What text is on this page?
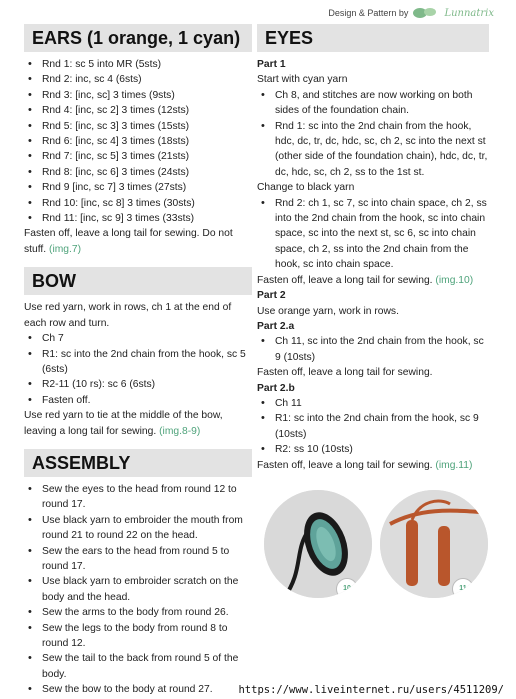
Design & Pattern by	Lunnatrix
EARS (1 orange, 1 cyan)
• Rnd 1: sc 5 into MR (5sts)
• Rnd 2: inc, sc 4 (6sts)
• Rnd 3: [inc, sc] 3 times (9sts)
• Rnd 4: [inc, sc 2] 3 times (12sts)
• Rnd 5: [inc, sc 3] 3 times (15sts)
• Rnd 6: [inc, sc 4] 3 times (18sts)
• Rnd 7: [inc, sc 5] 3 times (21sts)
• Rnd 8: [inc, sc 6] 3 times (24sts)
• Rnd 9 [inc, sc 7] 3 times (27sts)
• Rnd 10: [inc, sc 8] 3 times (30sts)
• Rnd 11: [inc, sc 9] 3 times (33sts)

Fasten off, leave a long tail for sewing. Do not stuff. (img.7)

BOW

Use red yarn, work in rows, ch 1 at the end of each row and turn.

• Ch 7
• R1: sc into the 2nd chain from the hook, sc 5 (6sts)
• R2-11 (10 rs): sc 6 (6sts)
• Fasten off.

Use red yarn to tie at the middle of the bow, leaving a long tail for sewing. (img.8-9)

ASSEMBLY
• Sew the eyes to the head from round 12 to round 17.
• Use black yarn to embroider the mouth from round 21 to round 22 on the head.
• Sew the ears to the head from round 5 to round 17.
• Use black yarn to embroider scratch on the body and the head.
• Sew the arms to the body from round 26.
• Sew the legs to the body from round 8 to round 12.
• Sew the tail to the back from round 5 of the body.
• Sew the bow to the body at round 27.
EYES
Part 1

Start with cyan yarn

• Ch 8, and stitches are now working on both sides of the foundation chain.
• Rnd 1: sc into the 2nd chain from the hook, hdc, dc, tr, dc, hdc, sc, ch 2, sc into the next st (other side of the foundation chain), hdc, dc, tr, dc, hdc, sc, ch 2, ss to the 1st st.

Change to black yarn

• Rnd 2: ch 1, sc 7, sc into chain space, ch 2, ss into the 2nd chain from the hook, sc into chain space, sc into the next st, sc 6, sc into chain space, ch 2, ss into the 2nd chain from the hook, sc into chain space.

Fasten off, leave a long tail for sewing. (img.10)

Part 2

Use orange yarn, work in rows.

Part 2.a
• Ch 11, sc into the 2nd chain from the hook, sc 9 (10sts)

Fasten off, leave a long tail for sewing.

Part 2.b
• Ch 11
• R1: sc into the 2nd chain from the hook, sc 9 (10sts)
• R2: ss 10 (10sts)

Fasten off, leave a long tail for sewing. (img.11)

10	11
https://www.liveinternet.ru/users/4511209/
